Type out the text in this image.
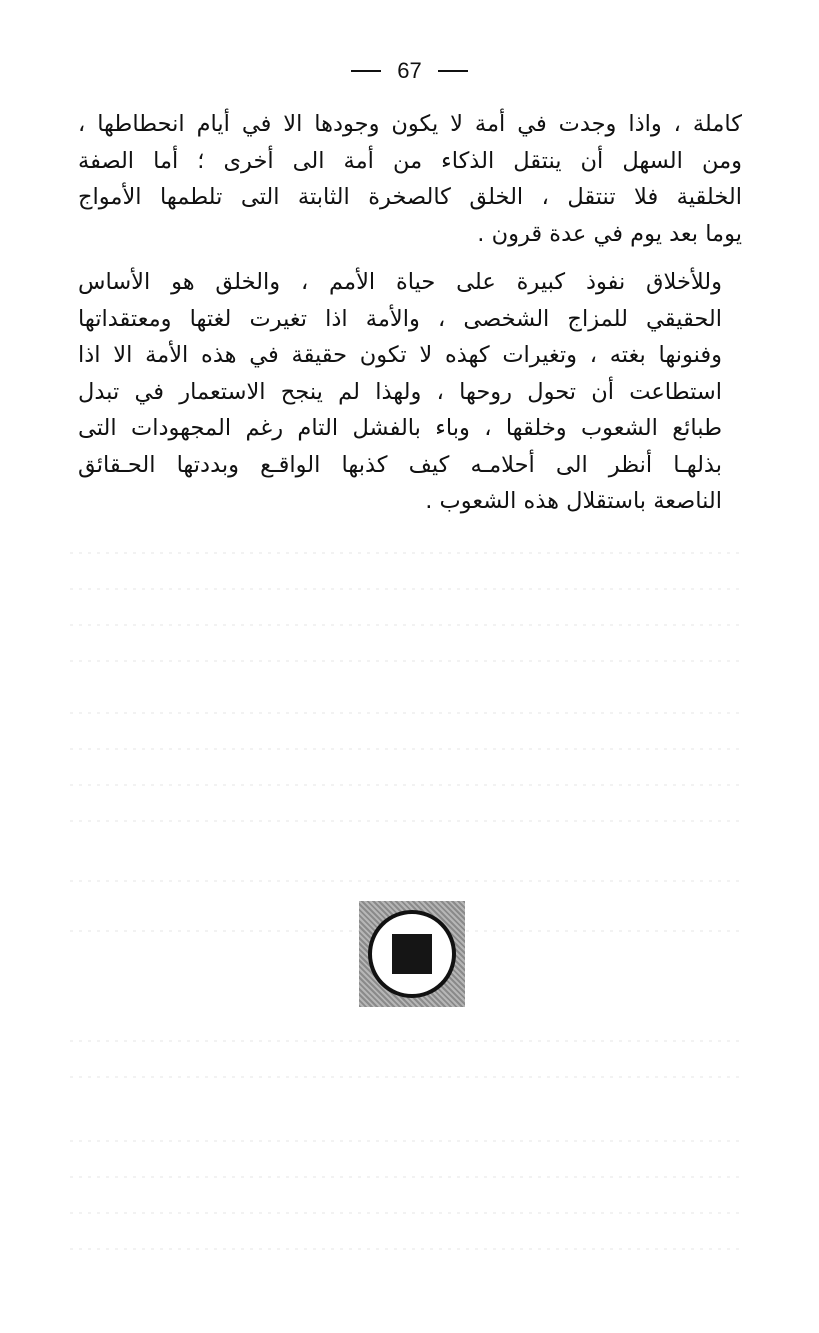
67

كاملة ، واذا وجدت في أمة لا يكون وجودها الا في أيام انحطاطها ،
ومن السهل أن ينتقل الذكاء من أمة الى أخرى ؛ أما الصفة
الخلقية فلا تنتقل ، الخلق كالصخرة الثابتة التى تلطمها الأمواج
يوما بعد يوم في عدة قرون .

وللأخلاق نفوذ كبيرة على حياة الأمم ، والخلق هو الأساس
الحقيقي للمزاج الشخصى ، والأمة اذا تغيرت لغتها ومعتقداتها
وفنونها بغته ، وتغيرات كهذه لا تكون حقيقة في هذه الأمة الا اذا
استطاعت أن تحول روحها ، ولهذا لم ينجح الاستعمار في تبدل
طبائع الشعوب وخلقها ، وباء بالفشل التام رغم المجهودات التى
بذلهـا أنظر الى أحلامـه كيف كذبها الواقـع وبددتها الحـقائق
الناصعة باستقلال هذه الشعوب .
